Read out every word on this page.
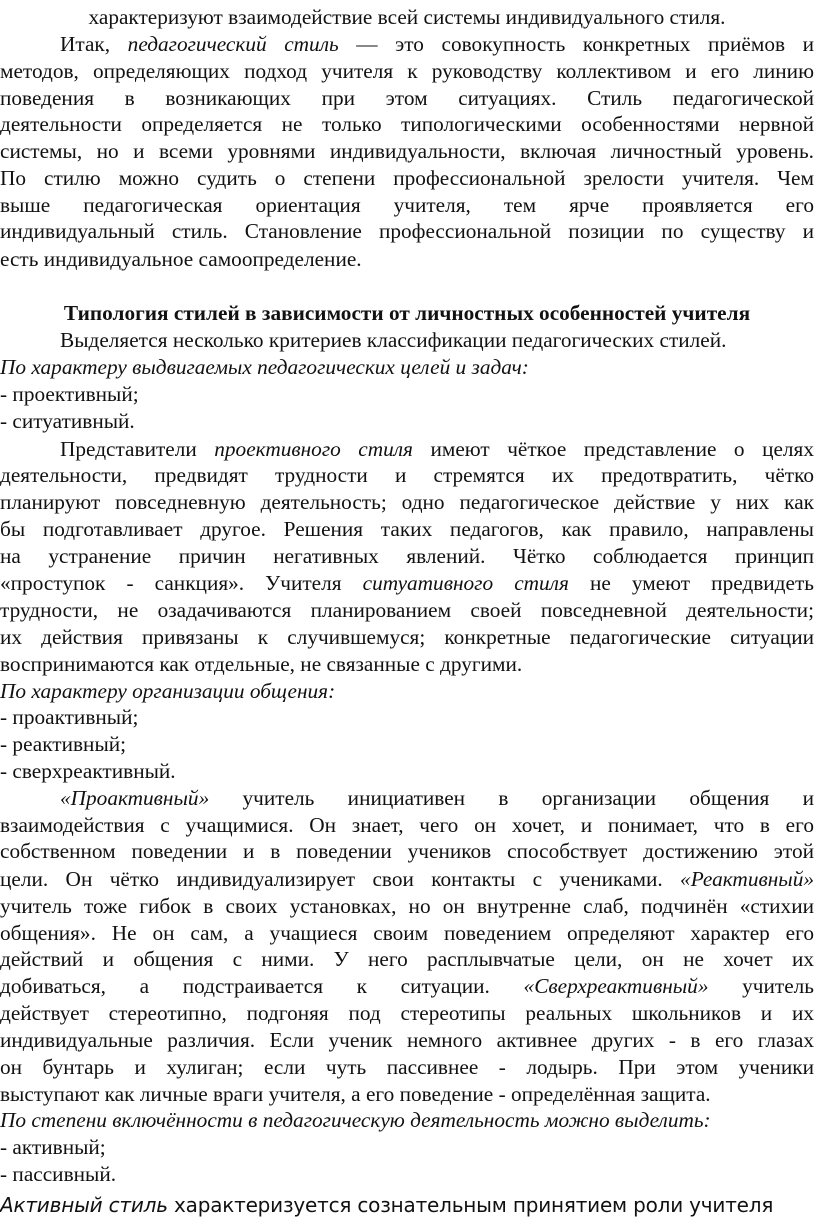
характеризуют взаимодействие всей системы индивидуального стиля.
Итак, педагогический стиль — это совокупность конкретных приёмов и
методов, определяющих подход учителя к руководству коллективом и его линию
поведения в возникающих при этом ситуациях. Стиль педагогической
деятельности определяется не только типологическими особенностями нервной
системы, но и всеми уровнями индивидуальности, включая личностный уровень.
По стилю можно судить о степени профессиональной зрелости учителя. Чем
выше педагогическая ориентация учителя, тем ярче проявляется его
индивидуальный стиль. Становление профессиональной позиции по существу и
есть индивидуальное самоопределение.
Типология стилей в зависимости от личностных особенностей учителя
Выделяется несколько критериев классификации педагогических стилей.
По характеру выдвигаемых педагогических целей и задач:
- проективный;
- ситуативный.
Представители проективного стиля имеют чёткое представление о целях
деятельности, предвидят трудности и стремятся их предотвратить, чётко
планируют повседневную деятельность; одно педагогическое действие у них как
бы подготавливает другое. Решения таких педагогов, как правило, направлены
на устранение причин негативных явлений. Чётко соблюдается принцип
«проступок - санкция». Учителя ситуативного стиля не умеют предвидеть
трудности, не озадачиваются планированием своей повседневной деятельности;
их действия привязаны к случившемуся; конкретные педагогические ситуации
воспринимаются как отдельные, не связанные с другими.
По характеру организации общения:
- проактивный;
- реактивный;
- сверхреактивный.
«Проактивный» учитель инициативен в организации общения и
взаимодействия с учащимися. Он знает, чего он хочет, и понимает, что в его
собственном поведении и в поведении учеников способствует достижению этой
цели. Он чётко индивидуализирует свои контакты с учениками. «Реактивный»
учитель тоже гибок в своих установках, но он внутренне слаб, подчинён «стихии
общения». Не он сам, а учащиеся своим поведением определяют характер его
действий и общения с ними. У него расплывчатые цели, он не хочет их
добиваться, а подстраивается к ситуации. «Сверхреактивный» учитель
действует стереотипно, подгоняя под стереотипы реальных школьников и их
индивидуальные различия. Если ученик немного активнее других - в его глазах
он бунтарь и хулиган; если чуть пассивнее - лодырь. При этом ученики
выступают как личные враги учителя, а его поведение - определённая защита.
По степени включённости в педагогическую деятельность можно выделить:
- активный;
- пассивный.
Активный стиль характеризуется сознательным принятием роли учителя
